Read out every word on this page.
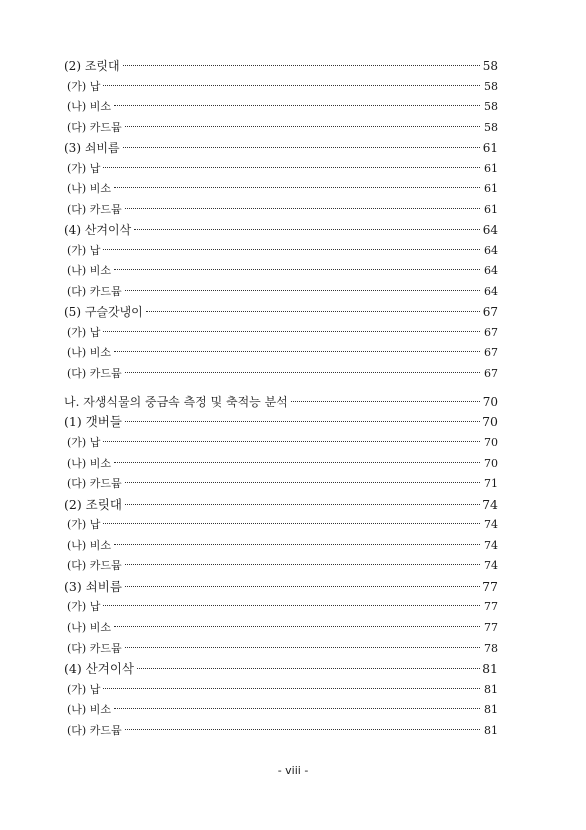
(2) 조릿대	58
(가) 납	58
(나) 비소	58
(다) 카드뮴	58
(3) 쇠비름	61
(가) 납	61
(나) 비소	61
(다) 카드뮴	61
(4) 산겨이삭	64
(가) 납	64
(나) 비소	64
(다) 카드뮴	64
(5) 구슬갓냉이	67
(가) 납	67
(나) 비소	67
(다) 카드뮴	67
나. 자생식물의 중금속 측정 및 축적능 분석	70
(1) 갯버들	70
(가) 납	70
(나) 비소	70
(다) 카드뮴	71
(2) 조릿대	74
(가) 납	74
(나) 비소	74
(다) 카드뮴	74
(3) 쇠비름	77
(가) 납	77
(나) 비소	77
(다) 카드뮴	78
(4) 산겨이삭	81
(가) 납	81
(나) 비소	81
(다) 카드뮴	81
- viii -
